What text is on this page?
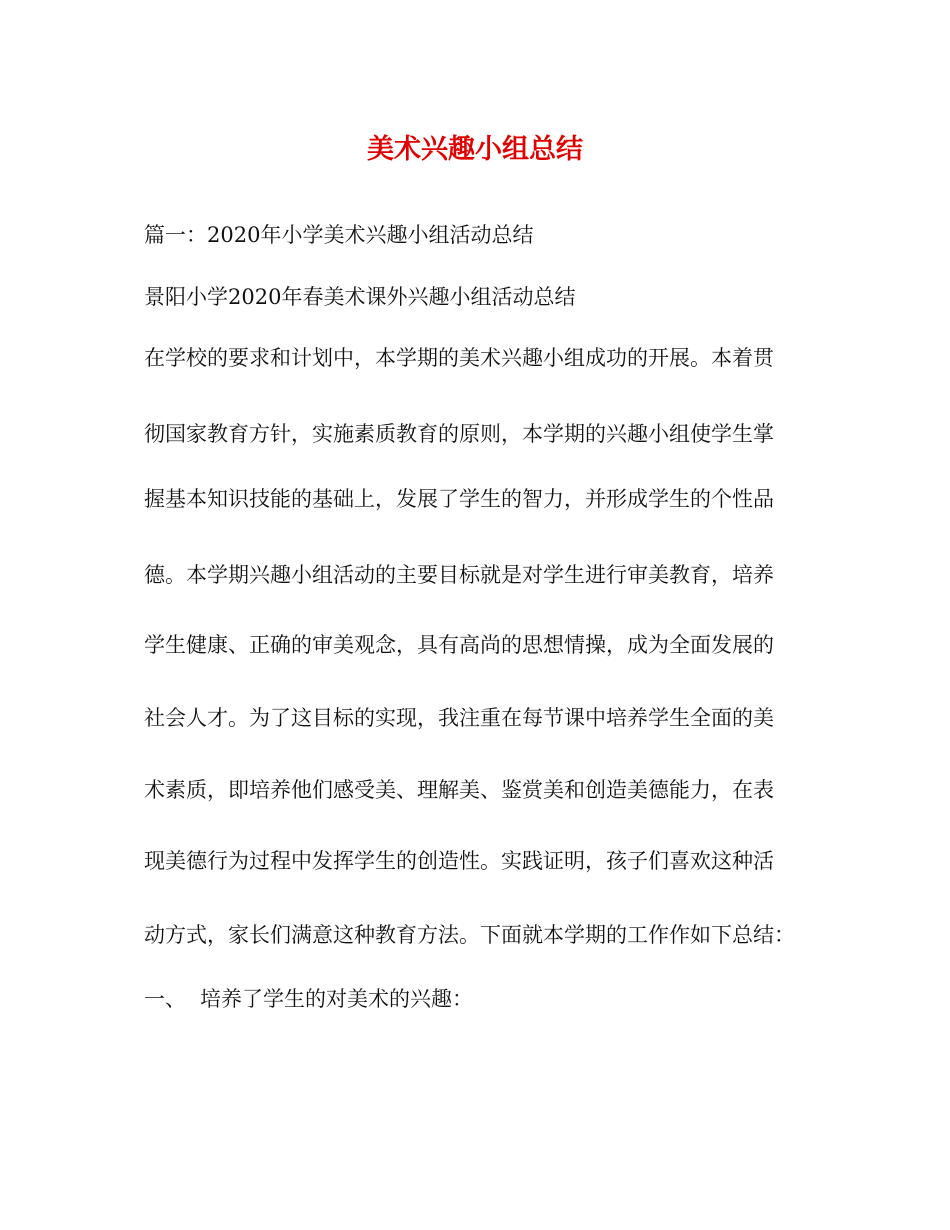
美术兴趣小组总结

篇一：2020年小学美术兴趣小组活动总结

景阳小学2020年春美术课外兴趣小组活动总结

在学校的要求和计划中，本学期的美术兴趣小组成功的开展。本着贯

彻国家教育方针，实施素质教育的原则，本学期的兴趣小组使学生掌

握基本知识技能的基础上，发展了学生的智力，并形成学生的个性品

德。本学期兴趣小组活动的主要目标就是对学生进行审美教育，培养

学生健康、正确的审美观念，具有高尚的思想情操，成为全面发展的

社会人才。为了这目标的实现，我注重在每节课中培养学生全面的美

术素质，即培养他们感受美、理解美、鉴赏美和创造美德能力，在表

现美德行为过程中发挥学生的创造性。实践证明，孩子们喜欢这种活

动方式，家长们满意这种教育方法。下面就本学期的工作作如下总结：

一、 培养了学生的对美术的兴趣：
